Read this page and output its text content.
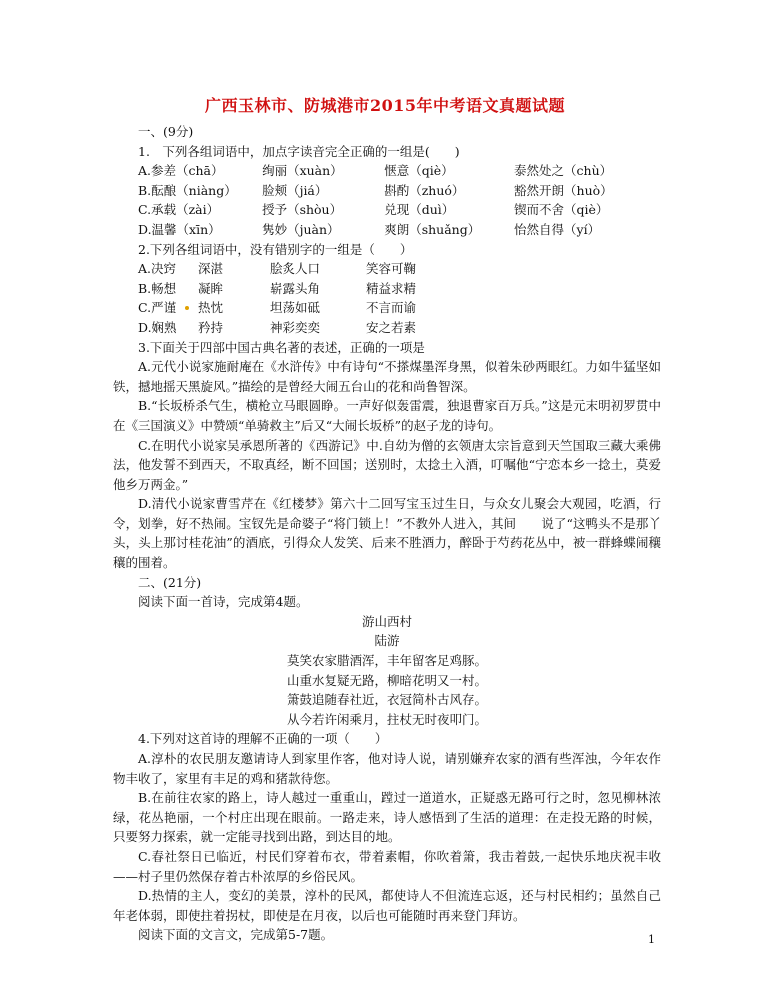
广西玉林市、防城港市2015年中考语文真题试题
一、(9分)
1.　下列各组词语中，加点字读音完全正确的一组是(　　)
A.参差（chā）	绚丽（xuàn）	惬意（qiè）	泰然处之（chù）
B.酝酿（niàng）	脸颊（jiá）	斟酌（zhuó）	豁然开朗（huò）
C.承载（zài）	授予（shòu）	兑现（duì）	锲而不舍（qiè）
D.温馨（xīn）	隽妙（juàn）	爽朗（shuǎng）	怡然自得（yí）
2.下列各组词语中，没有错别字的一组是（　　）
A.决窍	深湛	脍炙人口	笑容可鞠
B.畅想	凝眸	崭露头角	精益求精
C.严谨	热忱	坦荡如砥	不言而谕
D.娴熟	矜持	神彩奕奕	安之若素
3.下面关于四部中国古典名著的表述，正确的一项是
A.元代小说家施耐庵在《水浒传》中有诗句“不搽煤墨浑身黑，似着朱砂两眼红。力如牛猛坚如铁，撼地摇天黑旋风。”描绘的是曾经大闹五台山的花和尚鲁智深。
B.“长坂桥杀气生，横枪立马眼圆睁。一声好似轰雷震，独退曹家百万兵。”这是元末明初罗贯中在《三国演义》中赞颂“单骑救主”后又“大闹长坂桥”的赵子龙的诗句。
C.在明代小说家吴承恩所著的《西游记》中.自幼为僧的玄领唐太宗旨意到天竺国取三藏大乘佛法，他发誓不到西天，不取真经，断不回国；送别时，太捻土入酒，叮嘱他“宁恋本乡一捻土，莫爱他乡万两金。”
D.清代小说家曹雪芹在《红楼梦》第六十二回写宝玉过生日，与众女儿聚会大观园，吃酒，行令，划拳，好不热闹。宝钗先是命婆子“将门锁上！”不教外人进入，其间　　说了“这鸭头不是那丫头，头上那讨桂花油”的酒底，引得众人发笑、后来不胜酒力，醉卧于芍药花丛中，被一群蜂蝶闹穰穰的围着。
二、(21分)
阅读下面一首诗，完成第4题。
游山西村
陆游
莫笑农家腊酒浑，丰年留客足鸡豚。
山重水复疑无路，柳暗花明又一村。
箫鼓追随春社近，衣冠简朴古风存。
从今若许闲乘月，拄杖无时夜叩门。
4.下列对这首诗的理解不正确的一项（　　）
A.淳朴的农民朋友邀请诗人到家里作客，他对诗人说，请别嫌弃农家的酒有些浑浊，今年农作物丰收了，家里有丰足的鸡和猪款待您。
B.在前往农家的路上，诗人越过一重重山，蹚过一道道水，正疑惑无路可行之时，忽见柳林浓绿，花丛艳丽，一个村庄出现在眼前。一路走来，诗人感悟到了生活的道理：在走投无路的时候，只要努力探索，就一定能寻找到出路，到达目的地。
C.春社祭日已临近，村民们穿着布衣，带着素帽，你吹着箫，我击着鼓,一起快乐地庆祝丰收——村子里仍然保存着古朴浓厚的乡俗民风。
D.热情的主人，变幻的美景，淳朴的民风，都使诗人不但流连忘返，还与村民相约；虽然自己年老体弱，即使拄着拐杖，即使是在月夜，以后也可能随时再来登门拜访。
阅读下面的文言文，完成第5-7题。	1
